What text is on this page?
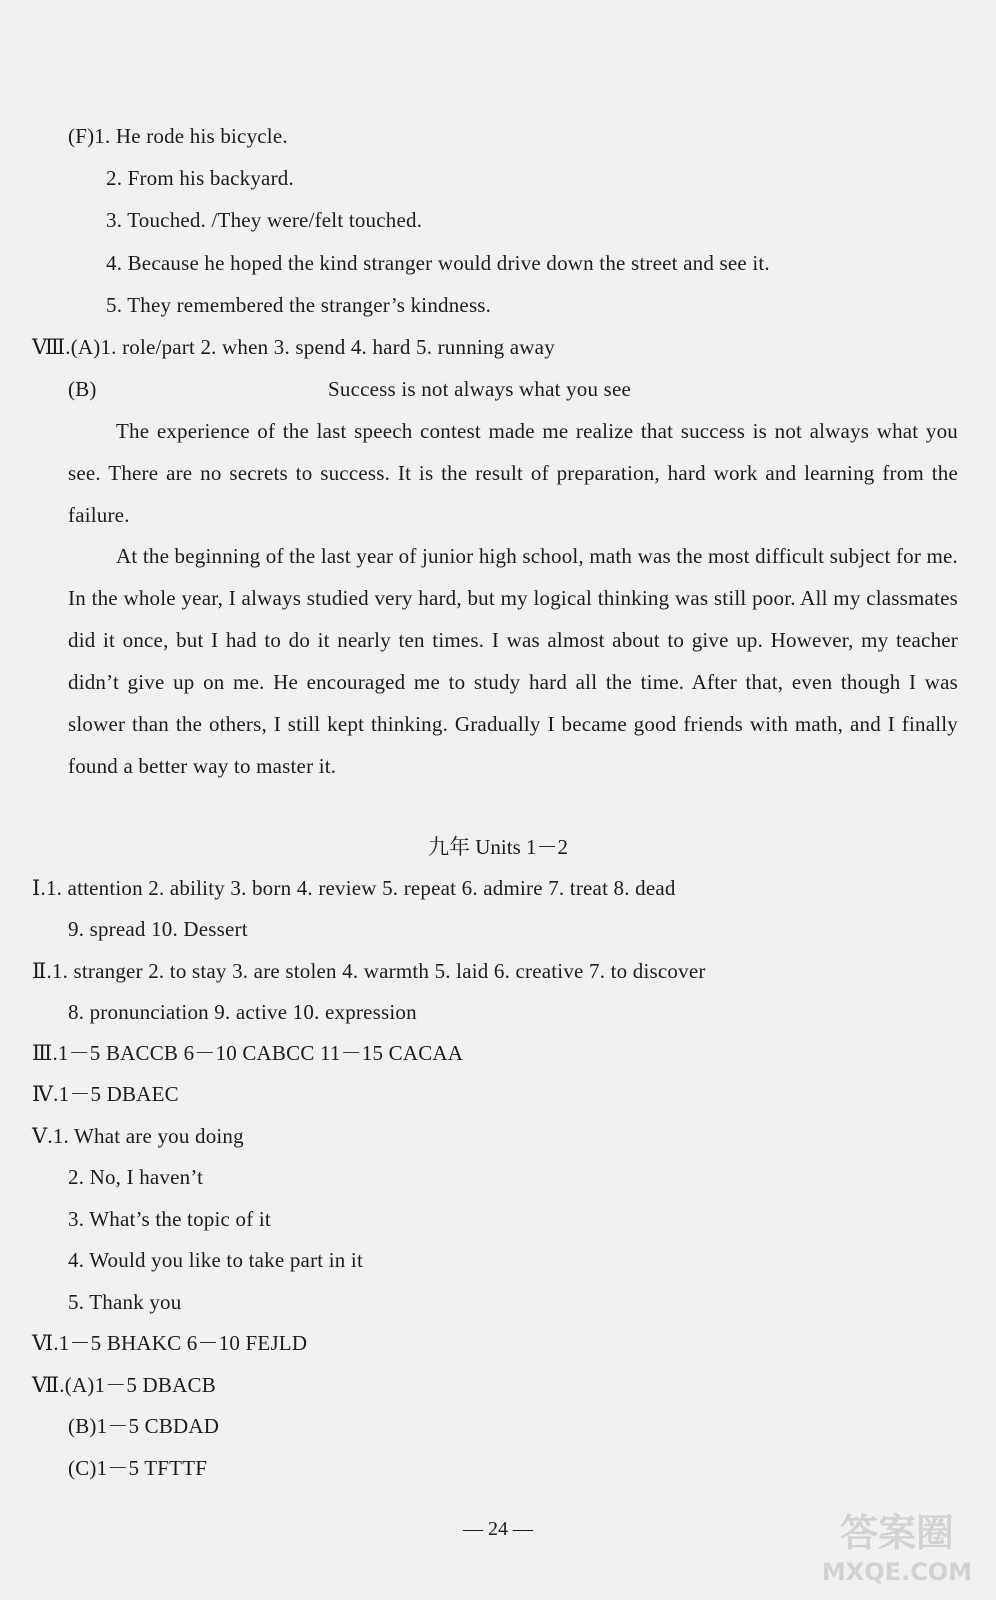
(F)1. He rode his bicycle.
2. From his backyard.
3. Touched. /They were/felt touched.
4. Because he hoped the kind stranger would drive down the street and see it.
5. They remembered the stranger’s kindness.
Ⅷ.(A)1. role/part 2. when 3. spend 4. hard 5. running away
(B)	Success is not always what you see
The experience of the last speech contest made me realize that success is not always what you see. There are no secrets to success. It is the result of preparation, hard work and learning from the failure.
At the beginning of the last year of junior high school, math was the most difficult subject for me. In the whole year, I always studied very hard, but my logical thinking was still poor. All my classmates did it once, but I had to do it nearly ten times. I was almost about to give up. However, my teacher didn’t give up on me. He encouraged me to study hard all the time. After that, even though I was slower than the others, I still kept thinking. Gradually I became good friends with math, and I finally found a better way to master it.
九年 Units 1－2
Ⅰ.1. attention 2. ability 3. born 4. review 5. repeat 6. admire 7. treat 8. dead
9. spread 10. Dessert
Ⅱ.1. stranger 2. to stay 3. are stolen 4. warmth 5. laid 6. creative 7. to discover
8. pronunciation 9. active 10. expression
Ⅲ.1－5 BACCB 6－10 CABCC 11－15 CACAA
Ⅳ.1－5 DBAEC
Ⅴ.1. What are you doing
2. No, I haven’t
3. What’s the topic of it
4. Would you like to take part in it
5. Thank you
Ⅵ.1－5 BHAKC 6－10 FEJLD
Ⅶ.(A)1－5 DBACB
(B)1－5 CBDAD
(C)1－5 TFTTF
— 24 —	答案圈
MXQE.COM
